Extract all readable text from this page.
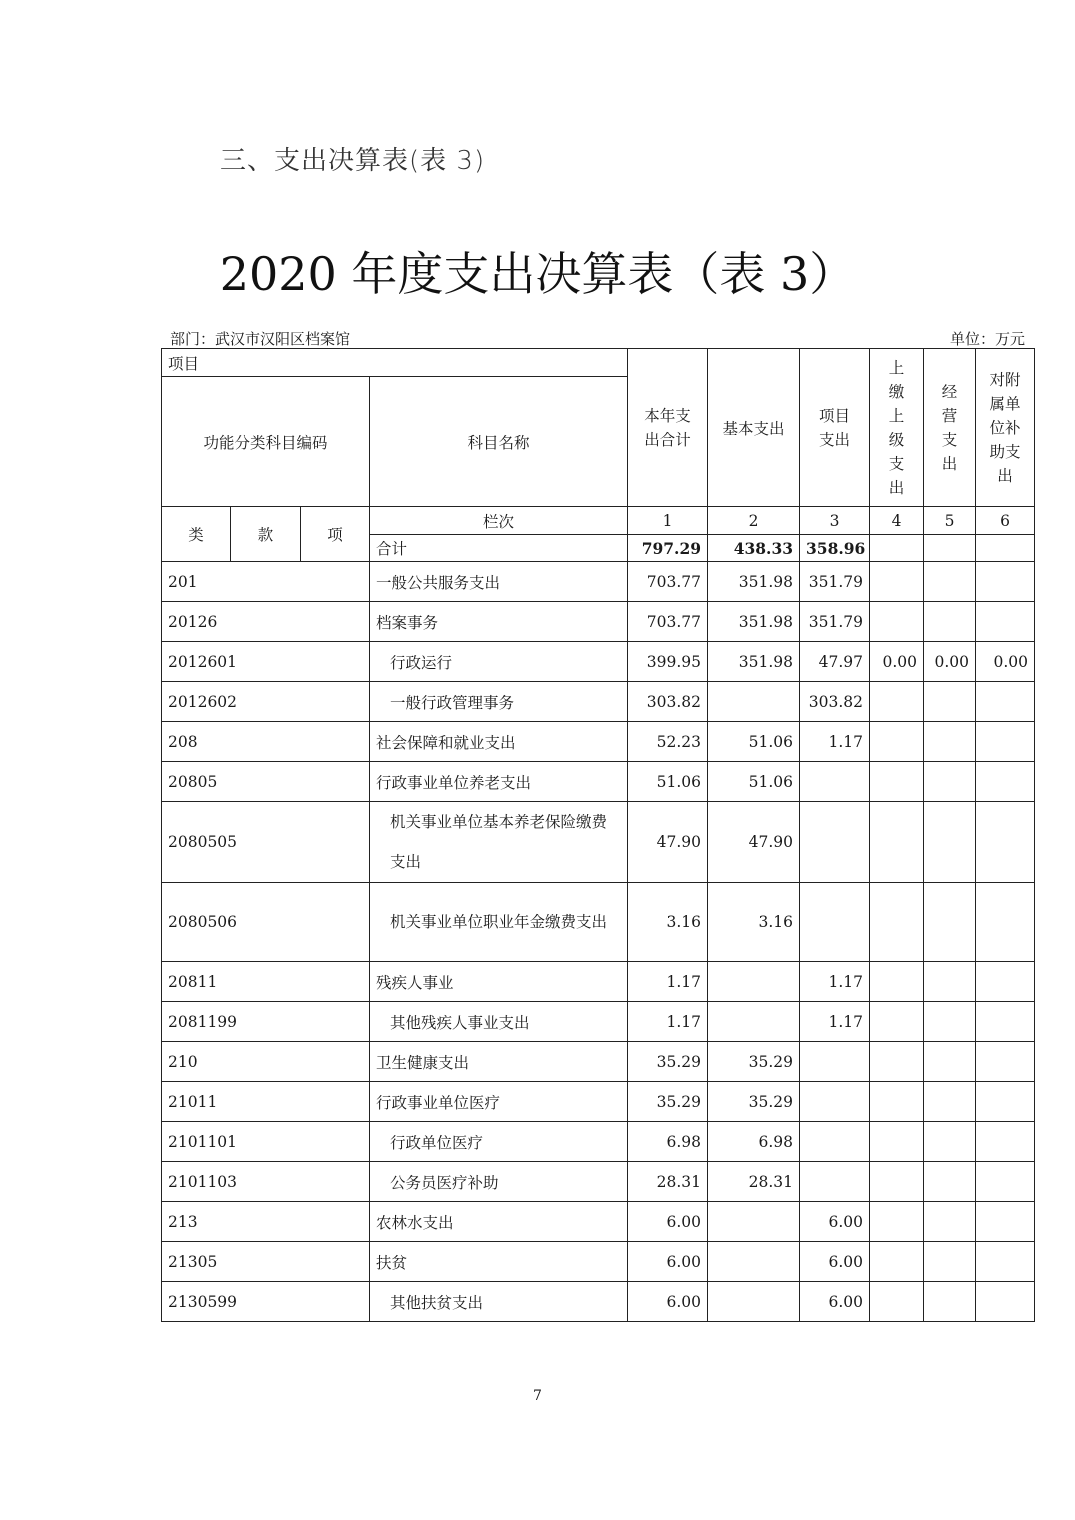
三、支出决算表(表 3)
2020 年度支出决算表（表 3）
部门：武汉市汉阳区档案馆	单位：万元
项目				本年支出合计	基本支出	项目支出	上缴上级支出	经营支出	对附属单位补助支出
功能分类科目编码			科目名称						
类	款	项	栏次	1	2	3	4	5	6
			合计	797.29	438.33	358.96			
201			一般公共服务支出	703.77	351.98	351.79			
20126			档案事务	703.77	351.98	351.79			
2012601			行政运行	399.95	351.98	47.97	0.00	0.00	0.00
2012602			一般行政管理事务	303.82		303.82			
208			社会保障和就业支出	52.23	51.06	1.17			
20805			行政事业单位养老支出	51.06	51.06				
2080505			机关事业单位基本养老保险缴费支出	47.90	47.90				
2080506			机关事业单位职业年金缴费支出	3.16	3.16				
20811			残疾人事业	1.17		1.17			
2081199			其他残疾人事业支出	1.17		1.17			
210			卫生健康支出	35.29	35.29				
21011			行政事业单位医疗	35.29	35.29				
2101101			行政单位医疗	6.98	6.98				
2101103			公务员医疗补助	28.31	28.31				
213			农林水支出	6.00		6.00			
21305			扶贫	6.00		6.00			
2130599			其他扶贫支出	6.00		6.00			
7
